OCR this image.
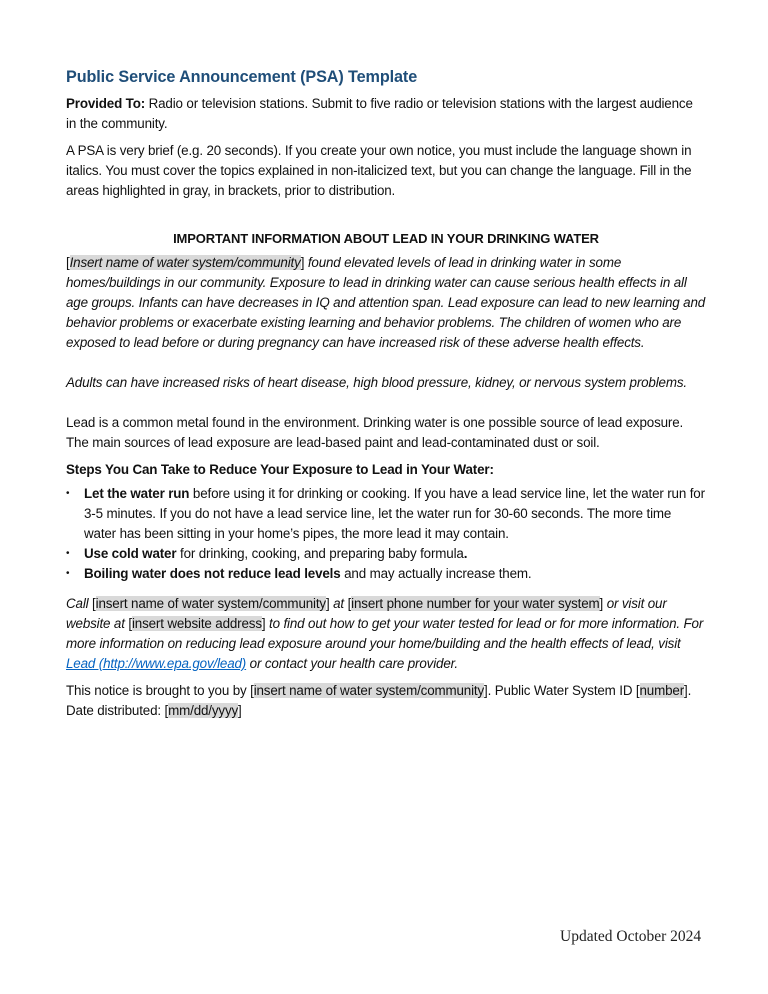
Public Service Announcement (PSA) Template

Provided To: Radio or television stations. Submit to five radio or television stations with the largest audience in the community.

A PSA is very brief (e.g. 20 seconds). If you create your own notice, you must include the language shown in italics. You must cover the topics explained in non-italicized text, but you can change the language. Fill in the areas highlighted in gray, in brackets, prior to distribution.

IMPORTANT INFORMATION ABOUT LEAD IN YOUR DRINKING WATER

[Insert name of water system/community] found elevated levels of lead in drinking water in some homes/buildings in our community. Exposure to lead in drinking water can cause serious health effects in all age groups. Infants can have decreases in IQ and attention span. Lead exposure can lead to new learning and behavior problems or exacerbate existing learning and behavior problems. The children of women who are exposed to lead before or during pregnancy can have increased risk of these adverse health effects.

Adults can have increased risks of heart disease, high blood pressure, kidney, or nervous system problems.

Lead is a common metal found in the environment. Drinking water is one possible source of lead exposure. The main sources of lead exposure are lead-based paint and lead-contaminated dust or soil.

Steps You Can Take to Reduce Your Exposure to Lead in Your Water:

• Let the water run before using it for drinking or cooking. If you have a lead service line, let the water run for 3-5 minutes. If you do not have a lead service line, let the water run for 30-60 seconds. The more time water has been sitting in your home’s pipes, the more lead it may contain.
• Use cold water for drinking, cooking, and preparing baby formula.
• Boiling water does not reduce lead levels and may actually increase them.

Call [insert name of water system/community] at [insert phone number for your water system] or visit our website at [insert website address] to find out how to get your water tested for lead or for more information. For more information on reducing lead exposure around your home/building and the health effects of lead, visit Lead (http://www.epa.gov/lead) or contact your health care provider.

This notice is brought to you by [insert name of water system/community]. Public Water System ID [number]. Date distributed: [mm/dd/yyyy]

Updated October 2024
